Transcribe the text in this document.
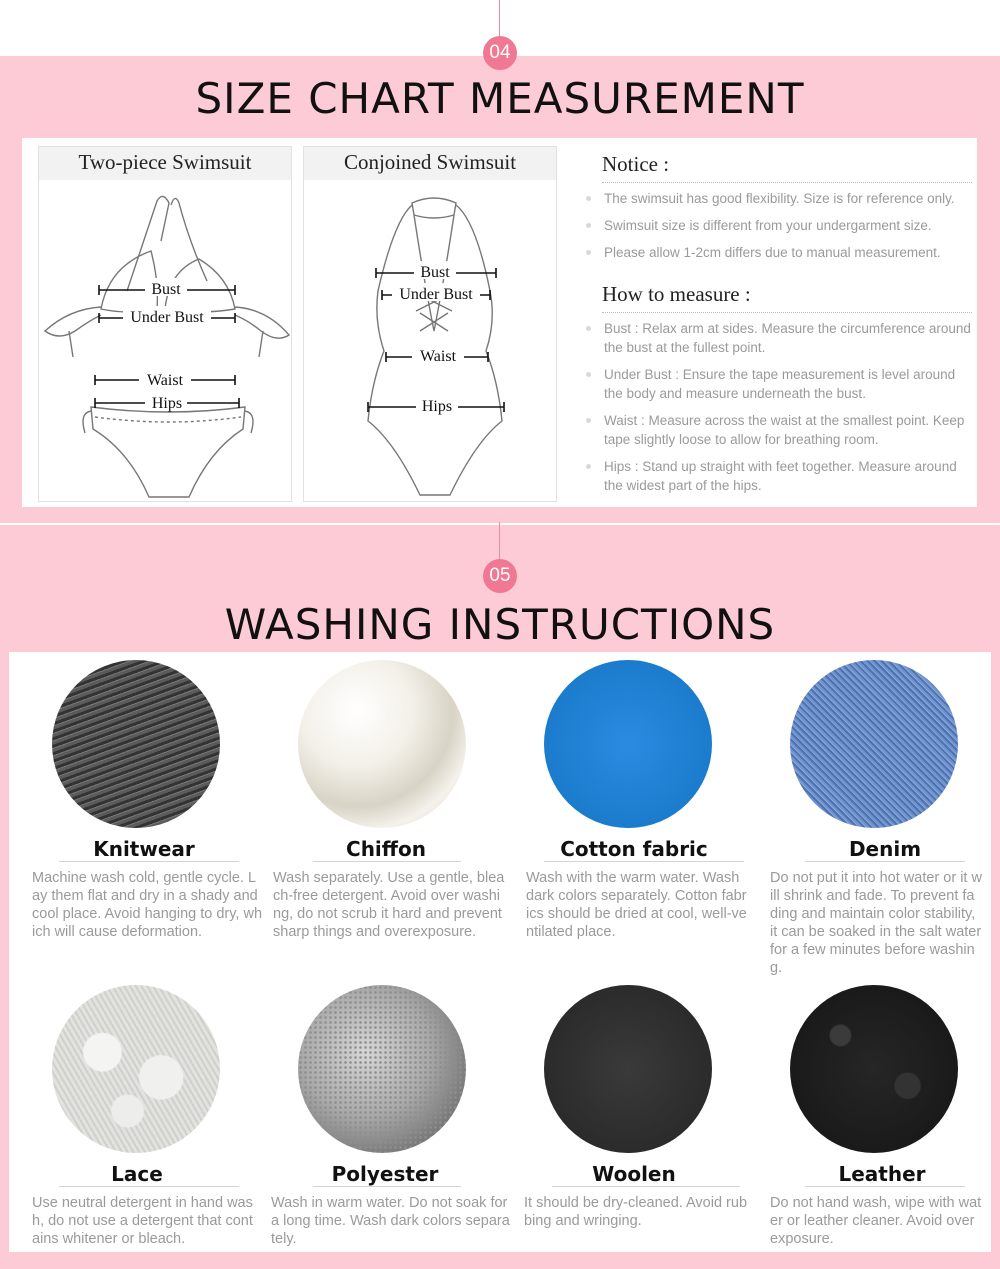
04
SIZE CHART MEASUREMENT
Two-piece Swimsuit
Bust
Under Bust
Waist
Hips
Conjoined Swimsuit
Bust
Under Bust
Waist
Hips
Notice :
The swimsuit has good flexibility. Size is for reference only.
Swimsuit size is different from your undergarment size.
Please allow 1-2cm differs due to manual measurement.
How to measure :
Bust : Relax arm at sides. Measure the circumference around the bust at the fullest point.
Under Bust : Ensure the tape measurement is level around the body and measure underneath the bust.
Waist : Measure across the waist at the smallest point. Keep tape slightly loose to allow for breathing room.
Hips : Stand up straight with feet together. Measure around the widest part of the hips.
05
WASHING INSTRUCTIONS
Knitwear
Machine wash cold, gentle cycle. Lay them flat and dry in a shady and cool place. Avoid hanging to dry, which will cause deformation.
Chiffon
Wash separately. Use a gentle, bleach-free detergent. Avoid over washing, do not scrub it hard and prevent sharp things and overexposure.
Cotton fabric
Wash with the warm water. Wash dark colors separately. Cotton fabrics should be dried at cool, well-ventilated place.
Denim
Do not put it into hot water or it will shrink and fade. To prevent fading and maintain color stability, it can be soaked in the salt water for a few minutes before washing.
Lace
Use neutral detergent in hand wash, do not use a detergent that contains whitener or bleach.
Polyester
Wash in warm water. Do not soak for a long time. Wash dark colors separately.
Woolen
It should be dry-cleaned. Avoid rubbing and wringing.
Leather
Do not hand wash, wipe with water or leather cleaner. Avoid over exposure.
